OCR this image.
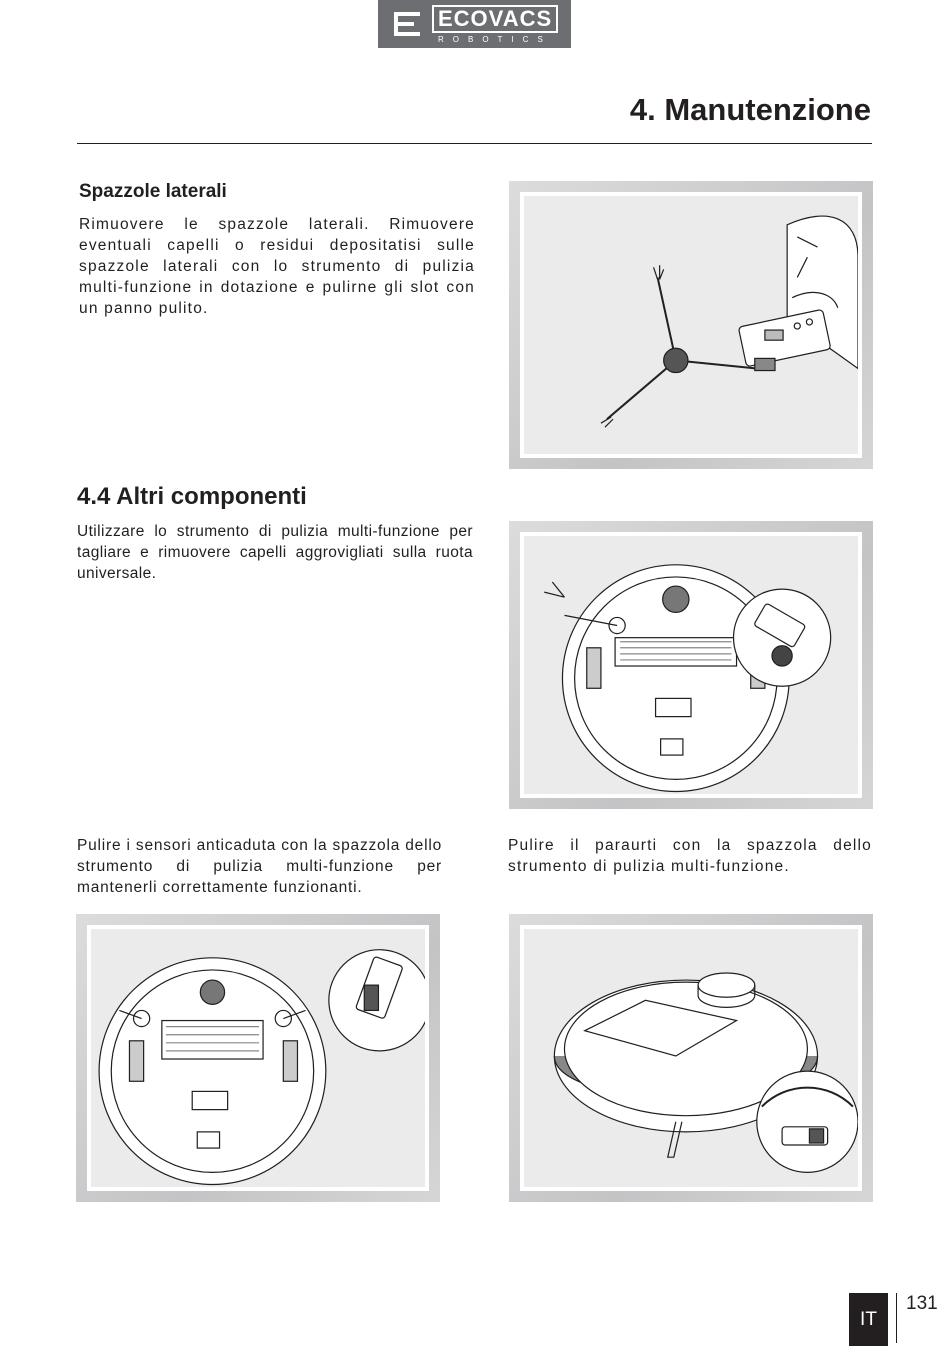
ECOVACS
ROBOTICS
4. Manutenzione
Spazzole laterali

Rimuovere le spazzole laterali. Rimuovere eventuali capelli o residui depositatisi sulle spazzole laterali con lo strumento di pulizia multi-funzione in dotazione e pulirne gli slot con un panno pulito.

4.4 Altri componenti

Utilizzare lo strumento di pulizia multi-funzione per tagliare e rimuovere capelli aggrovigliati sulla ruota universale.

Pulire i sensori anticaduta con la spazzola dello strumento di pulizia multi-funzione per mantenerli correttamente funzionanti.

Pulire il paraurti con la spazzola dello strumento di pulizia multi-funzione.

IT
131
